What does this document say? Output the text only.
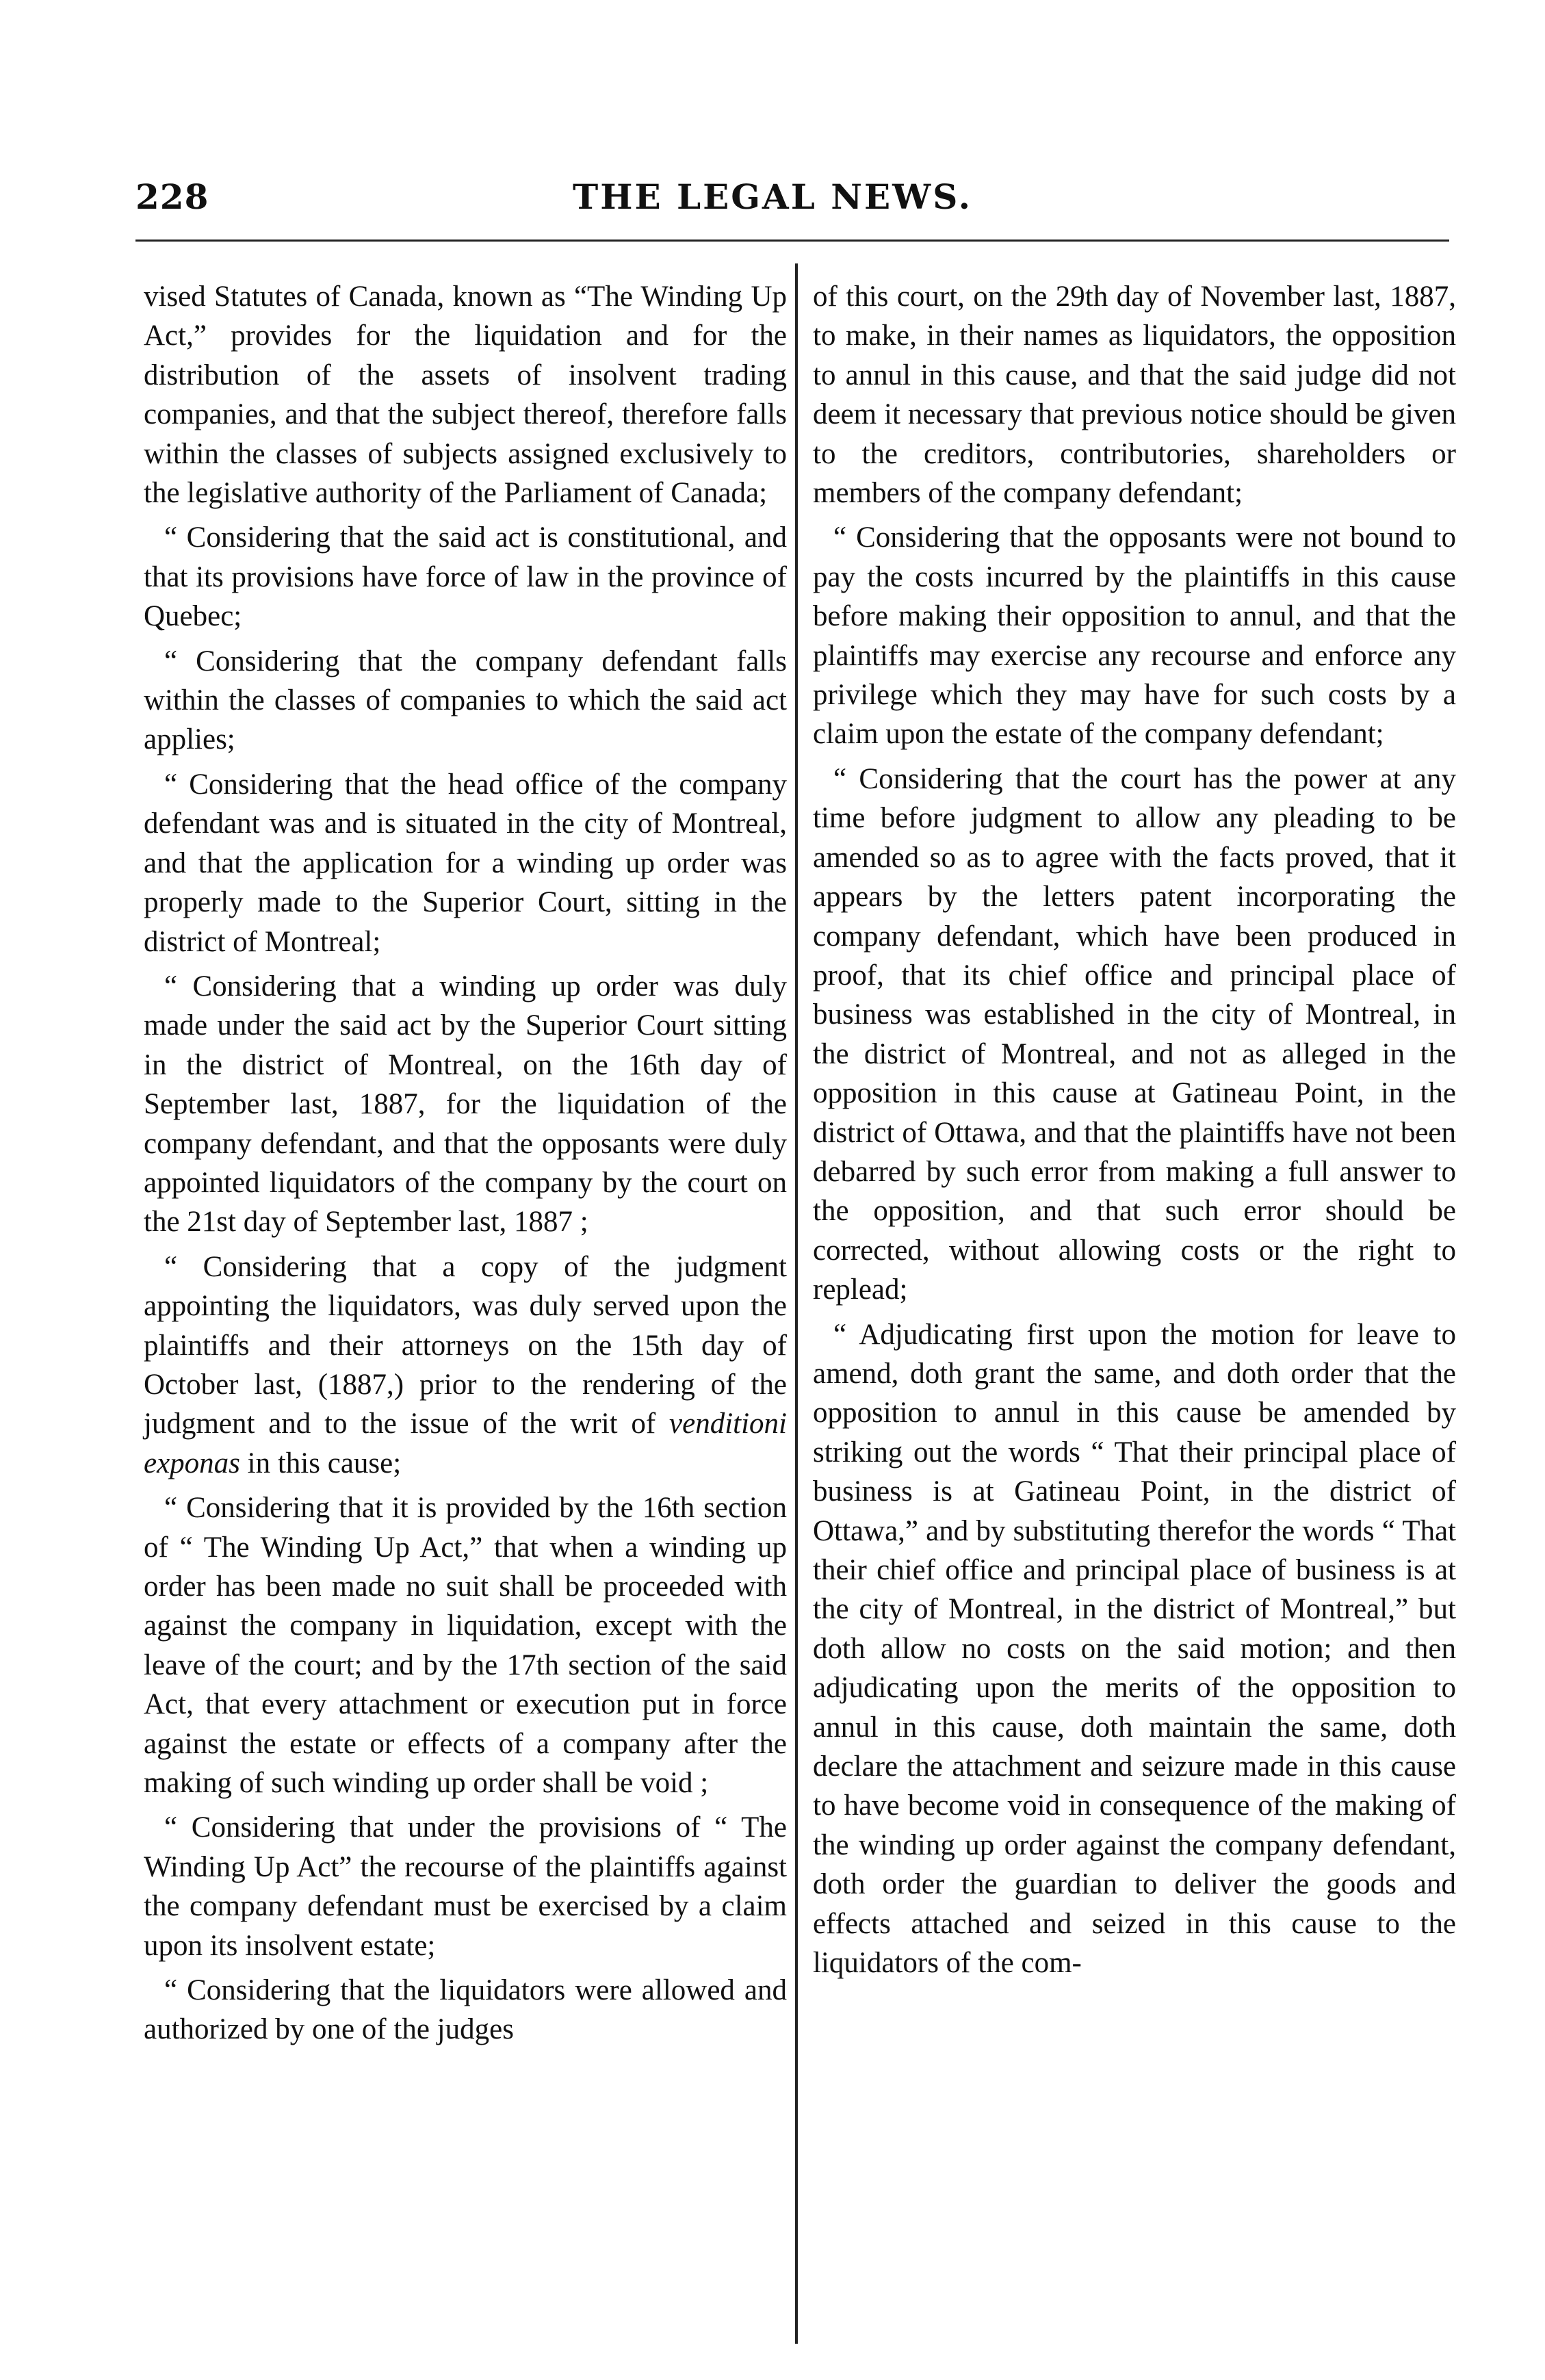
228	THE LEGAL NEWS.

vised Statutes of Canada, known as “The Winding Up Act,” provides for the liquidation and for the distribution of the assets of insolvent trading companies, and that the subject thereof, therefore falls within the classes of subjects assigned exclusively to the legislative authority of the Parliament of Canada;

“ Considering that the said act is constitutional, and that its provisions have force of law in the province of Quebec;

“ Considering that the company defendant falls within the classes of companies to which the said act applies;

“ Considering that the head office of the company defendant was and is situated in the city of Montreal, and that the application for a winding up order was properly made to the Superior Court, sitting in the district of Montreal;

“ Considering that a winding up order was duly made under the said act by the Superior Court sitting in the district of Montreal, on the 16th day of September last, 1887, for the liquidation of the company defendant, and that the opposants were duly appointed liquidators of the company by the court on the 21st day of September last, 1887 ;

“ Considering that a copy of the judgment appointing the liquidators, was duly served upon the plaintiffs and their attorneys on the 15th day of October last, (1887,) prior to the rendering of the judgment and to the issue of the writ of venditioni exponas in this cause;

“ Considering that it is provided by the 16th section of “ The Winding Up Act,” that when a winding up order has been made no suit shall be proceeded with against the company in liquidation, except with the leave of the court; and by the 17th section of the said Act, that every attachment or execution put in force against the estate or effects of a company after the making of such winding up order shall be void ;

“ Considering that under the provisions of “ The Winding Up Act” the recourse of the plaintiffs against the company defendant must be exercised by a claim upon its insolvent estate;

“ Considering that the liquidators were allowed and authorized by one of the judges

of this court, on the 29th day of November last, 1887, to make, in their names as liquidators, the opposition to annul in this cause, and that the said judge did not deem it necessary that previous notice should be given to the creditors, contributories, shareholders or members of the company defendant;

“ Considering that the opposants were not bound to pay the costs incurred by the plaintiffs in this cause before making their opposition to annul, and that the plaintiffs may exercise any recourse and enforce any privilege which they may have for such costs by a claim upon the estate of the company defendant;

“ Considering that the court has the power at any time before judgment to allow any pleading to be amended so as to agree with the facts proved, that it appears by the letters patent incorporating the company defendant, which have been produced in proof, that its chief office and principal place of business was established in the city of Montreal, in the district of Montreal, and not as alleged in the opposition in this cause at Gatineau Point, in the district of Ottawa, and that the plaintiffs have not been debarred by such error from making a full answer to the opposition, and that such error should be corrected, without allowing costs or the right to replead;

“ Adjudicating first upon the motion for leave to amend, doth grant the same, and doth order that the opposition to annul in this cause be amended by striking out the words “ That their principal place of business is at Gatineau Point, in the district of Ottawa,” and by substituting therefor the words “ That their chief office and principal place of business is at the city of Montreal, in the district of Montreal,” but doth allow no costs on the said motion; and then adjudicating upon the merits of the opposition to annul in this cause, doth maintain the same, doth declare the attachment and seizure made in this cause to have become void in consequence of the making of the winding up order against the company defendant, doth order the guardian to deliver the goods and effects attached and seized in this cause to the liquidators of the com-
